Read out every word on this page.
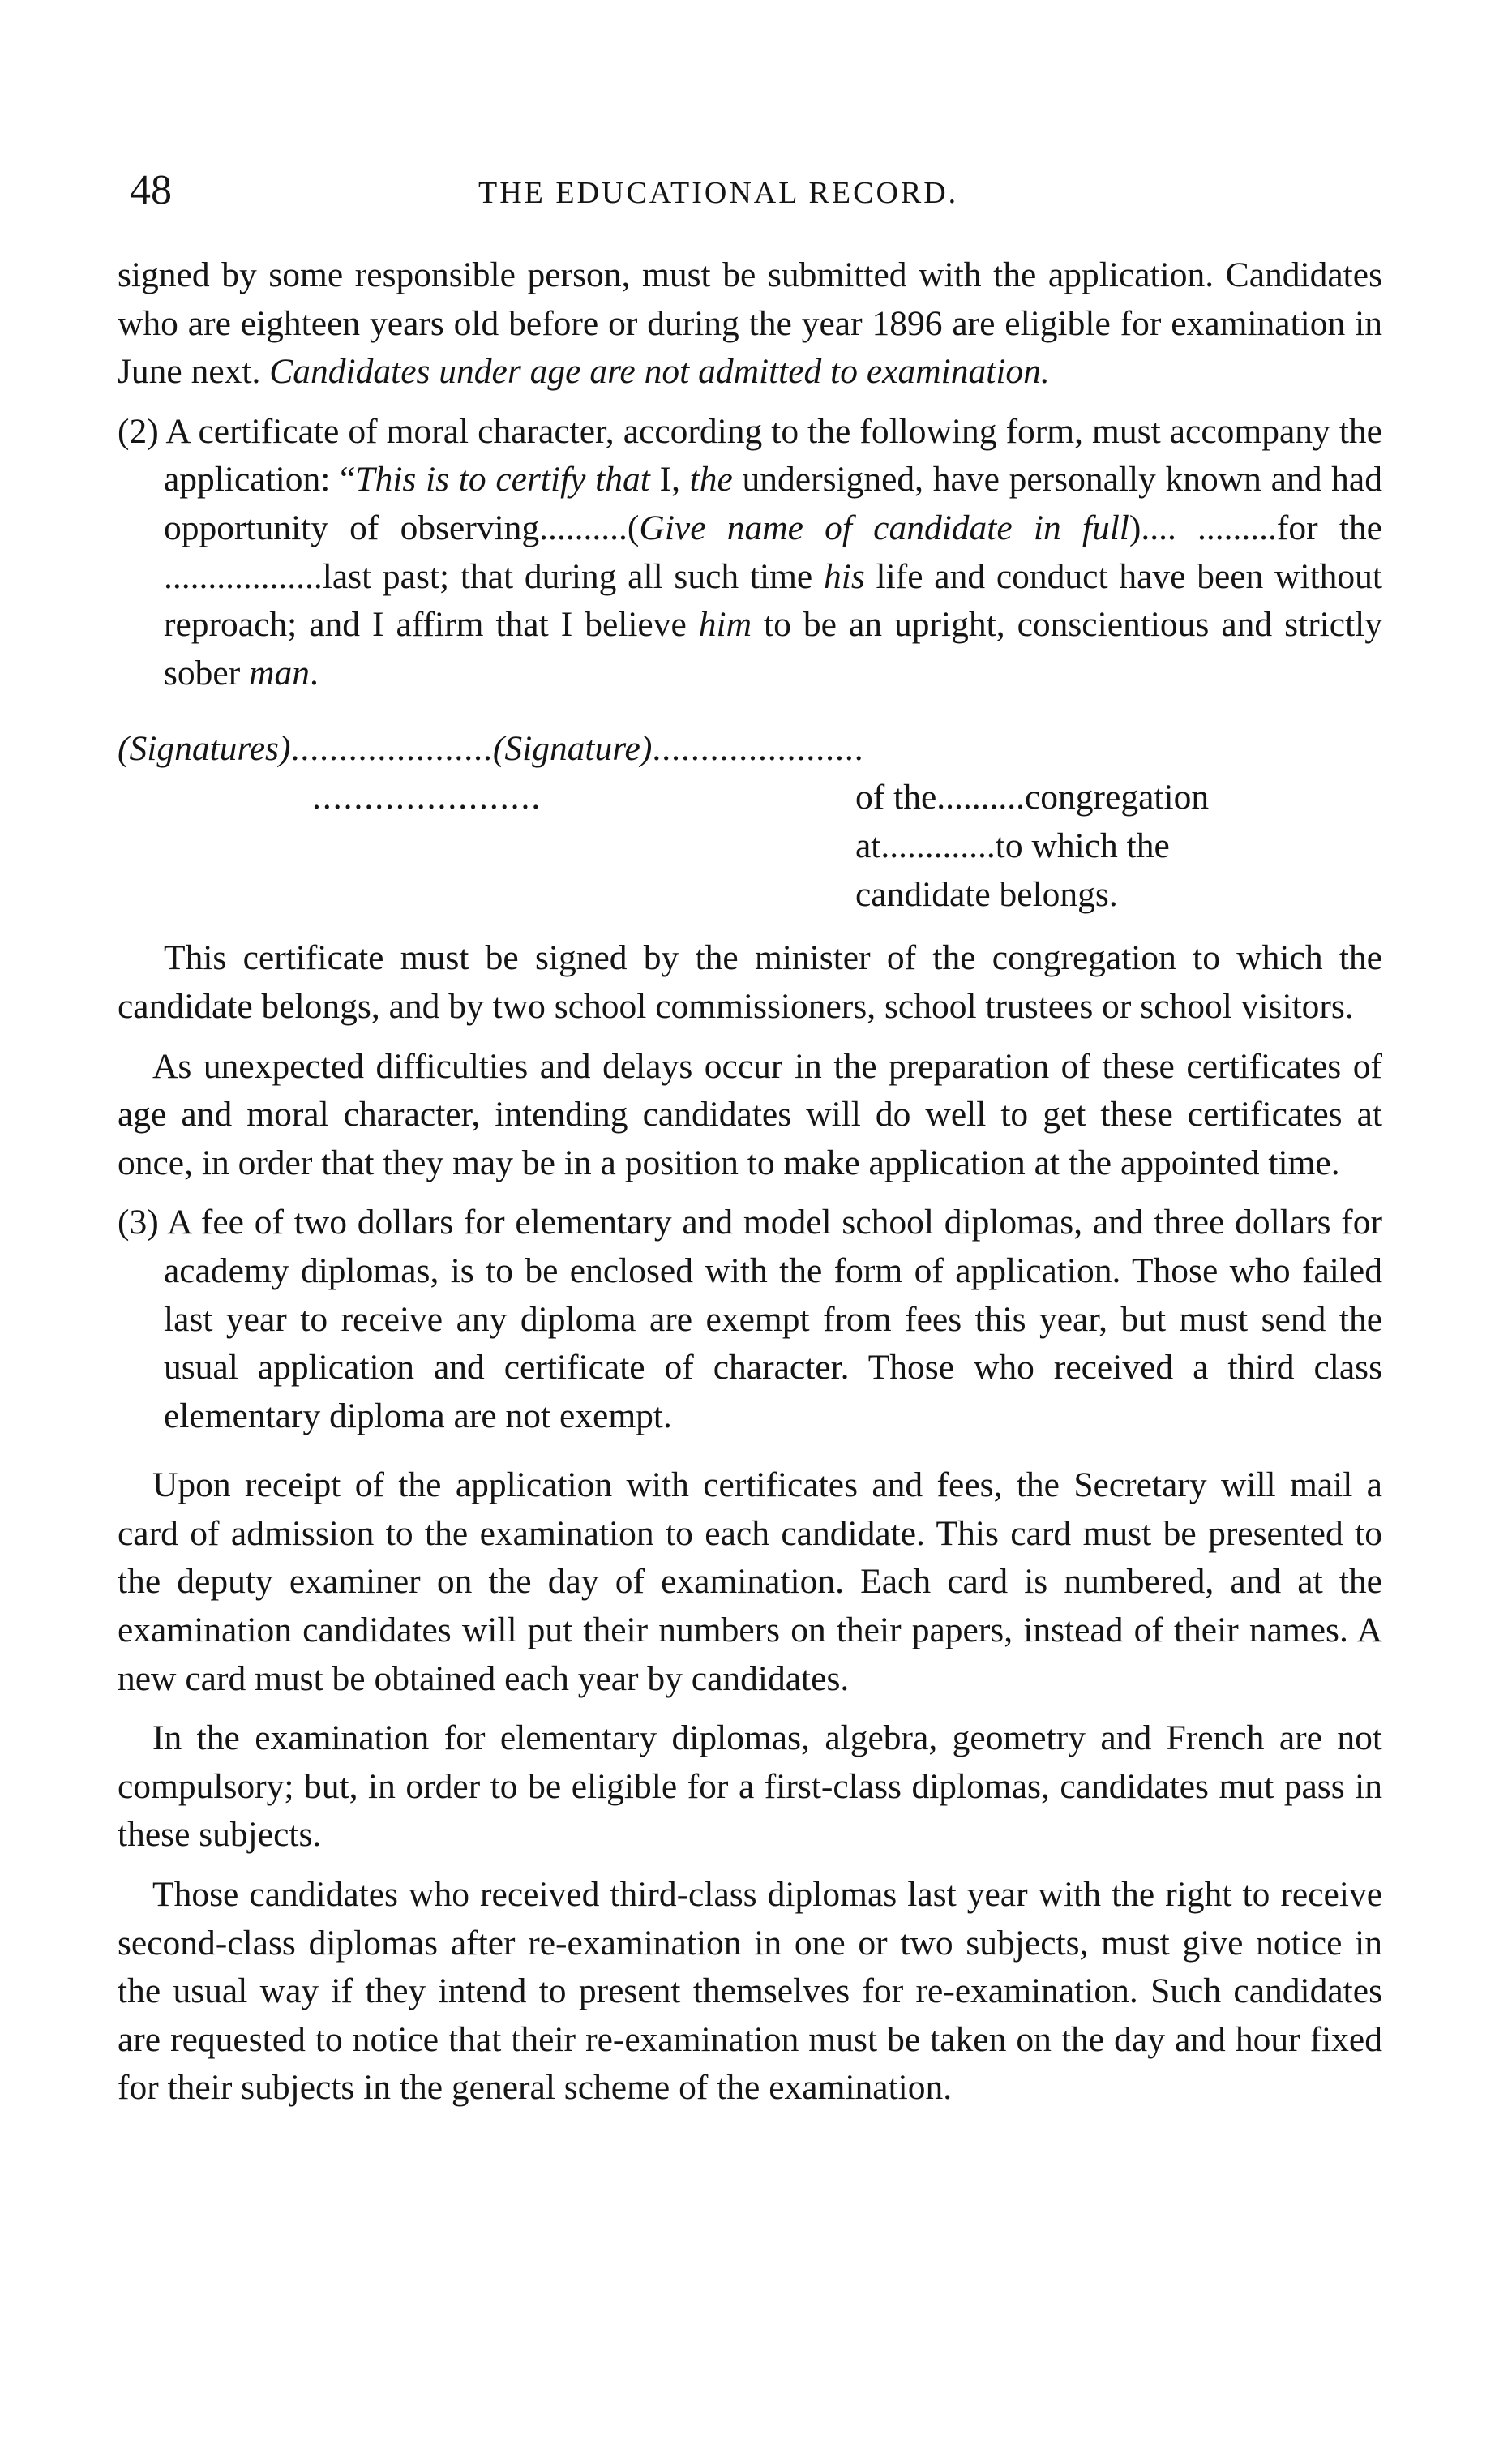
48	THE EDUCATIONAL RECORD.

signed by some responsible person, must be submitted with the application. Candidates who are eighteen years old before or during the year 1896 are eligible for examination in June next. Candidates under age are not admitted to examination.

(2) A certificate of moral character, according to the following form, must accompany the application: “This is to certify that I, the undersigned, have personally known and had opportunity of observing..........(Give name of candidate in full).... .........for the ..................last past; that during all such time his life and conduct have been without reproach; and I affirm that I believe him to be an upright, conscientious and strictly sober man.

(Signatures).....................(Signature)......................
......................	of the..........congregation
at.............to which the
candidate belongs.

This certificate must be signed by the minister of the congregation to which the candidate belongs, and by two school commissioners, school trustees or school visitors.

As unexpected difficulties and delays occur in the preparation of these certificates of age and moral character, intending candidates will do well to get these certificates at once, in order that they may be in a position to make application at the appointed time.

(3) A fee of two dollars for elementary and model school diplomas, and three dollars for academy diplomas, is to be enclosed with the form of application. Those who failed last year to receive any diploma are exempt from fees this year, but must send the usual application and certificate of character. Those who received a third class elementary diploma are not exempt.

Upon receipt of the application with certificates and fees, the Secretary will mail a card of admission to the examination to each candidate. This card must be presented to the deputy examiner on the day of examination. Each card is numbered, and at the examination candidates will put their numbers on their papers, instead of their names. A new card must be obtained each year by candidates.

In the examination for elementary diplomas, algebra, geometry and French are not compulsory; but, in order to be eligible for a first-class diplomas, candidates mut pass in these subjects.

Those candidates who received third-class diplomas last year with the right to receive second-class diplomas after re-examination in one or two subjects, must give notice in the usual way if they intend to present themselves for re-examination. Such candidates are requested to notice that their re-examination must be taken on the day and hour fixed for their subjects in the general scheme of the examination.
